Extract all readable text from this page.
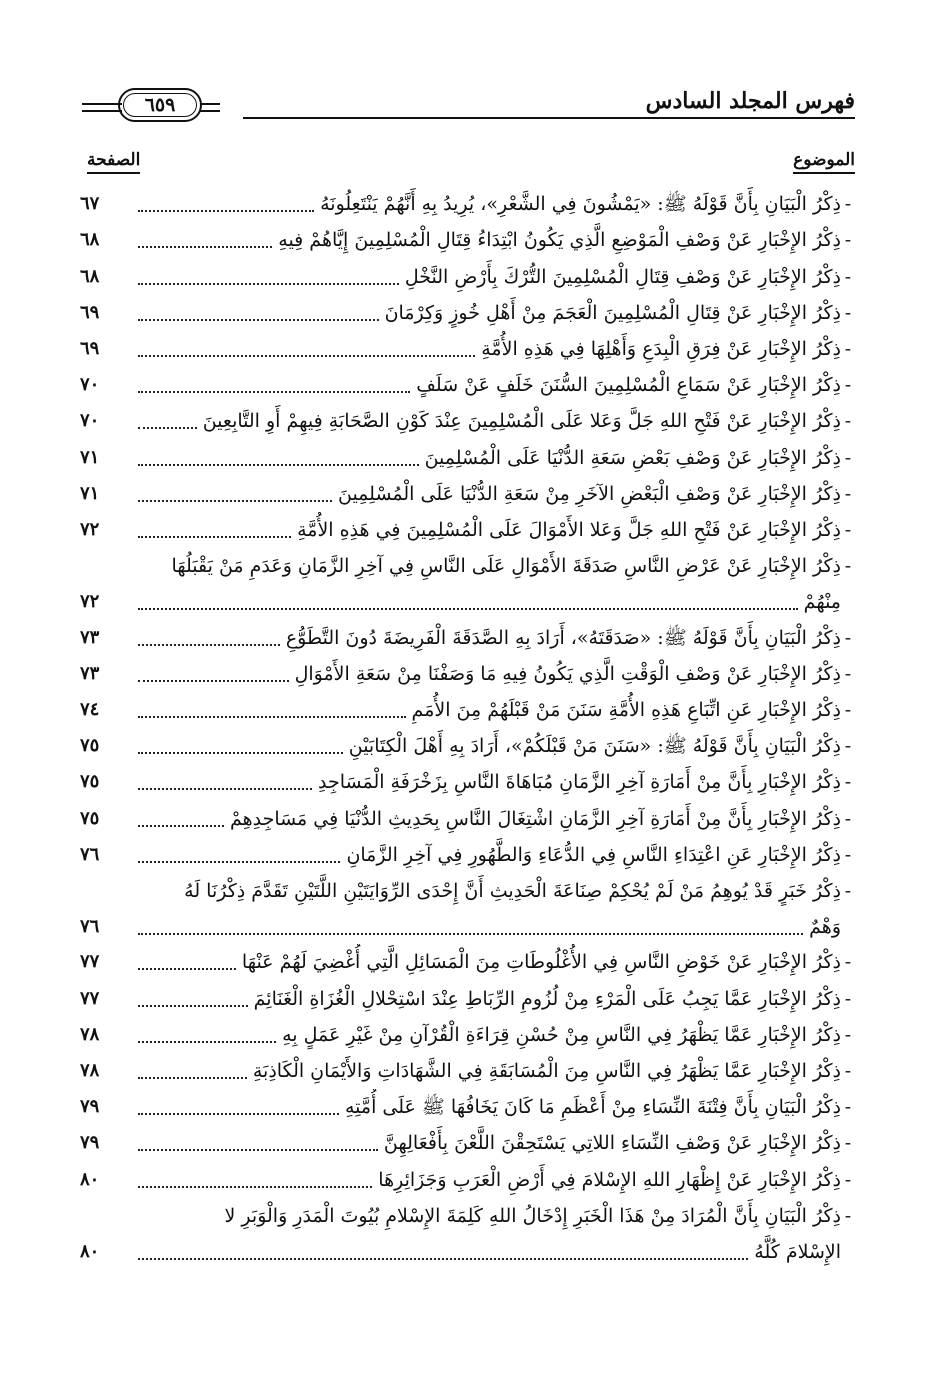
فهرس المجلد السادس
٦٥٩
الموضوع
الصفحة
-
ذِكْرُ الْبَيَانِ بِأَنَّ قَوْلَهُ ﷺ: «يَمْشُونَ فِي الشَّعْرِ»، يُرِيدُ بِهِ أَنَّهُمْ يَنْتَعِلُونَهُ
٦٧
-
ذِكْرُ الإِخْبَارِ عَنْ وَصْفِ الْمَوْضِعِ الَّذِي يَكُونُ ابْتِدَاءُ قِتَالِ الْمُسْلِمِينَ إِيَّاهُمْ فِيهِ
٦٨
-
ذِكْرُ الإِخْبَارِ عَنْ وَصْفِ قِتَالِ الْمُسْلِمِينَ التُّرْكَ بِأَرْضِ النَّخْلِ
٦٨
-
ذِكْرُ الإِخْبَارِ عَنْ قِتَالِ الْمُسْلِمِينَ الْعَجَمَ مِنْ أَهْلِ خُوزٍ وَكِرْمَانَ
٦٩
-
ذِكْرُ الإِخْبَارِ عَنْ فِرَقِ الْبِدَعِ وَأَهْلِهَا فِي هَذِهِ الأُمَّةِ
٦٩
-
ذِكْرُ الإِخْبَارِ عَنْ سَمَاعِ الْمُسْلِمِينَ السُّنَنَ خَلَفٍ عَنْ سَلَفٍ
٧٠
-
ذِكْرُ الإِخْبَارِ عَنْ فَتْحِ اللهِ جَلَّ وَعَلا عَلَى الْمُسْلِمِينَ عِنْدَ كَوْنِ الصَّحَابَةِ فِيهِمْ أَوِ التَّابِعِينَ
٧٠
-
ذِكْرُ الإِخْبَارِ عَنْ وَصْفِ بَعْضِ سَعَةِ الدُّنْيَا عَلَى الْمُسْلِمِينَ
٧١
-
ذِكْرُ الإِخْبَارِ عَنْ وَصْفِ الْبَعْضِ الآخَرِ مِنْ سَعَةِ الدُّنْيَا عَلَى الْمُسْلِمِينَ
٧١
-
ذِكْرُ الإِخْبَارِ عَنْ فَتْحِ اللهِ جَلَّ وَعَلا الأَمْوَالَ عَلَى الْمُسْلِمِينَ فِي هَذِهِ الأُمَّةِ
٧٢
-
ذِكْرُ الإِخْبَارِ عَنْ عَرْضِ النَّاسِ صَدَقَةَ الأَمْوَالِ عَلَى النَّاسِ فِي آخِرِ الزَّمَانِ وَعَدَمِ مَنْ يَقْبَلُهَا
مِنْهُمْ
٧٢
-
ذِكْرُ الْبَيَانِ بِأَنَّ قَوْلَهُ ﷺ: «صَدَقَتَهُ»، أَرَادَ بِهِ الصَّدَقَةَ الْفَرِيضَةَ دُونَ التَّطَوُّعِ
٧٣
-
ذِكْرُ الإِخْبَارِ عَنْ وَصْفِ الْوَقْتِ الَّذِي يَكُونُ فِيهِ مَا وَصَفْنَا مِنْ سَعَةِ الأَمْوَالِ
٧٣
-
ذِكْرُ الإِخْبَارِ عَنِ اتِّبَاعِ هَذِهِ الأُمَّةِ سَنَنَ مَنْ قَبْلَهُمْ مِنَ الأُمَمِ
٧٤
-
ذِكْرُ الْبَيَانِ بِأَنَّ قَوْلَهُ ﷺ: «سَنَنَ مَنْ قَبْلَكُمْ»، أَرَادَ بِهِ أَهْلَ الْكِتَابَيْنِ
٧٥
-
ذِكْرُ الإِخْبَارِ بِأَنَّ مِنْ أَمَارَةِ آخِرِ الزَّمَانِ مُبَاهَاةَ النَّاسِ بِزَخْرَفَةِ الْمَسَاجِدِ
٧٥
-
ذِكْرُ الإِخْبَارِ بِأَنَّ مِنْ أَمَارَةِ آخِرِ الزَّمَانِ اشْتِغَالَ النَّاسِ بِحَدِيثِ الدُّنْيَا فِي مَسَاجِدِهِمْ
٧٥
-
ذِكْرُ الإِخْبَارِ عَنِ اعْتِدَاءِ النَّاسِ فِي الدُّعَاءِ وَالطَّهُورِ فِي آخِرِ الزَّمَانِ
٧٦
-
ذِكْرُ خَبَرٍ قَدْ يُوهِمُ مَنْ لَمْ يُحْكِمْ صِنَاعَةَ الْحَدِيثِ أَنَّ إِحْدَى الرِّوَايَتَيْنِ اللَّتَيْنِ تَقَدَّمَ ذِكْرُنَا لَهُ
وَهْمٌ
٧٦
-
ذِكْرُ الإِخْبَارِ عَنْ خَوْضِ النَّاسِ فِي الأُغْلُوطَاتِ مِنَ الْمَسَائِلِ الَّتِي أُغْضِيَ لَهُمْ عَنْهَا
٧٧
-
ذِكْرُ الإِخْبَارِ عَمَّا يَجِبُ عَلَى الْمَرْءِ مِنْ لُزُومِ الرِّبَاطِ عِنْدَ اسْتِحْلالِ الْغُزَاةِ الْغَنَائِمَ
٧٧
-
ذِكْرُ الإِخْبَارِ عَمَّا يَظْهَرُ فِي النَّاسِ مِنْ حُسْنِ قِرَاءَةِ الْقُرْآنِ مِنْ غَيْرِ عَمَلٍ بِهِ
٧٨
-
ذِكْرُ الإِخْبَارِ عَمَّا يَظْهَرُ فِي النَّاسِ مِنَ الْمُسَابَقَةِ فِي الشَّهَادَاتِ وَالأَيْمَانِ الْكَاذِبَةِ
٧٨
-
ذِكْرُ الْبَيَانِ بِأَنَّ فِتْنَةَ النِّسَاءِ مِنْ أَعْظَمِ مَا كَانَ يَخَافُهَا ﷺ عَلَى أُمَّتِهِ
٧٩
-
ذِكْرُ الإِخْبَارِ عَنْ وَصْفِ النِّسَاءِ اللاتِي يَسْتَحِقْنَ اللَّعْنَ بِأَفْعَالِهِنَّ
٧٩
-
ذِكْرُ الإِخْبَارِ عَنْ إِظْهَارِ اللهِ الإِسْلامَ فِي أَرْضِ الْعَرَبِ وَجَزَائِرِهَا
٨٠
-
ذِكْرُ الْبَيَانِ بِأَنَّ الْمُرَادَ مِنْ هَذَا الْخَبَرِ إِدْخَالُ اللهِ كَلِمَةَ الإِسْلامِ بُيُوتَ الْمَدَرِ وَالْوَبَرِ لا
الإِسْلامَ كُلَّهُ
٨٠
